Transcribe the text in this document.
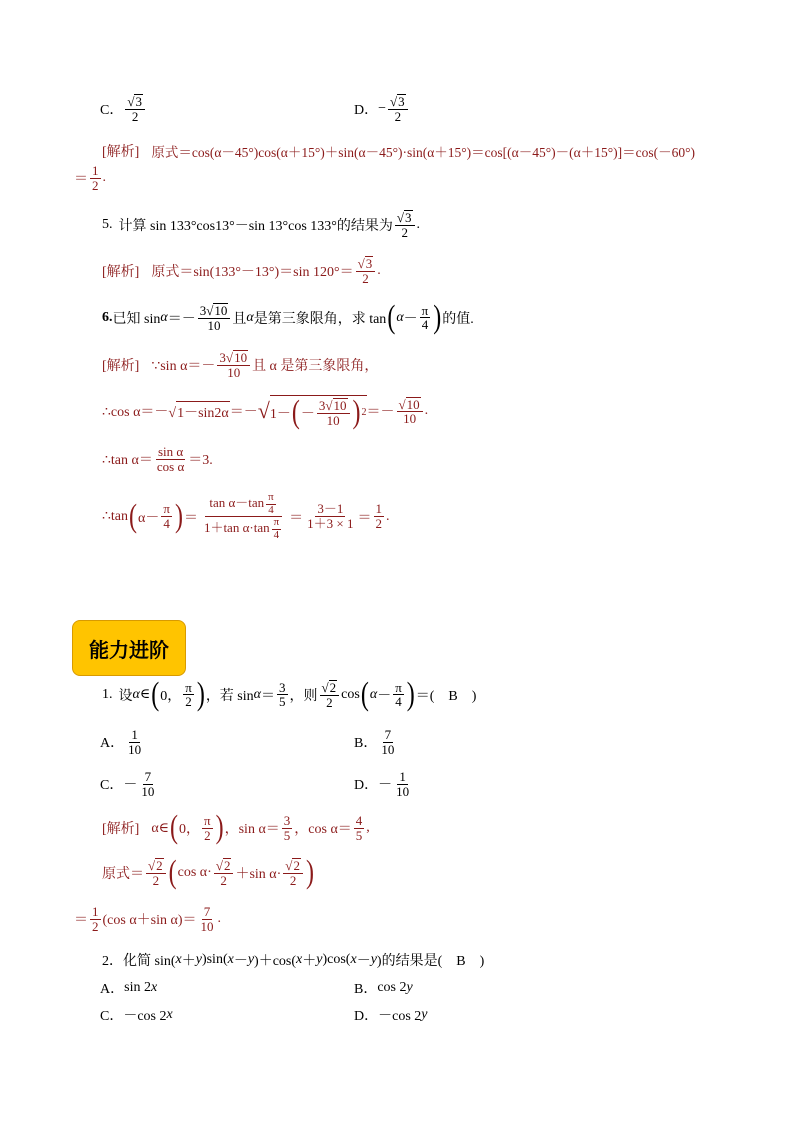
C． $\frac{√ 3}{2}$	D． − $\frac{√ 3}{2}$
[解析] 原式＝cos(α－45°)cos(α＋15°)＋sin(α－45°)·sin(α＋15°)＝cos[(α－45°)－(α＋15°)]＝cos(－60°)
＝ $\frac{1}{2}$ .
5. 计算 sin 133°cos13°－sin 13°cos 133°的结果为 $\frac{√ 3}{2}$ .
[解析] 原式＝sin(133°－13°)＝sin $120^\circ= \frac{√ 3}{2}$ .
6. 已知 $\sin \alpha =- \frac{3√ 10}{10}$ 且 α 是第三象限角，求 tan ( $\alpha - \frac{\pi}{4}$ ) 的值.
[解析] ∵sin $\alpha=- \frac{3√ 10}{10}$ 且 α 是第三象限角，
∴cos α＝－ √ 1－sin2α ＝－ √ 1－ ( － $\frac{3√ 10}{10}$ ) $2 =- \frac{√ 10}{10}$ .
∴tan $\alpha= \frac{\text{sin α}}{\text{cos α}} =3$.
∴tan ( $\alpha- \frac{\pi}{4}$ ) ＝ $\frac{\tan \alpha-\tan \frac{\pi}{4}}{1+\tan \alpha\cdot\tan \frac{\pi}{4}} = \frac{3-1}{1+3 \times 1} = \frac{1}{2}$ .
能力进阶
1. 设 α ∈ ( 0， $\frac{\pi}{2}$ ) ，若 $\sin \alpha = \frac{3}{5}$ ，则 $\frac{√ 2}{2}$ cos ( $\alpha - \frac{\pi}{4}$ ) ＝(　B　)
A． $\frac{1}{10}$	B． $\frac{7}{10}$
C． － $\frac{7}{10}$	D． － $\frac{1}{10}$
[解析] α∈ ( 0， $\frac{\pi}{2}$ ) ，$\sin \alpha= \frac{3}{5}$ ，$\cos \alpha= \frac{4}{5}$ ,
原式＝ $\frac{√ 2}{2}$ ( $\cos \alpha\cdot \frac{√ 2}{2} +\sin$ $\alpha\cdot \frac{√ 2}{2}$ )
＝ $\frac{1}{2} (\cos$ α＋sin $\alpha)= \frac{7}{10}$ .
2． 化简 sin( x ＋ y )sin( x － y )＋cos( x ＋ y )cos( x － y )的结果是(　B　)
A． sin 2 x	B． cos 2 y
C． －cos 2 x	D． －cos 2 y
